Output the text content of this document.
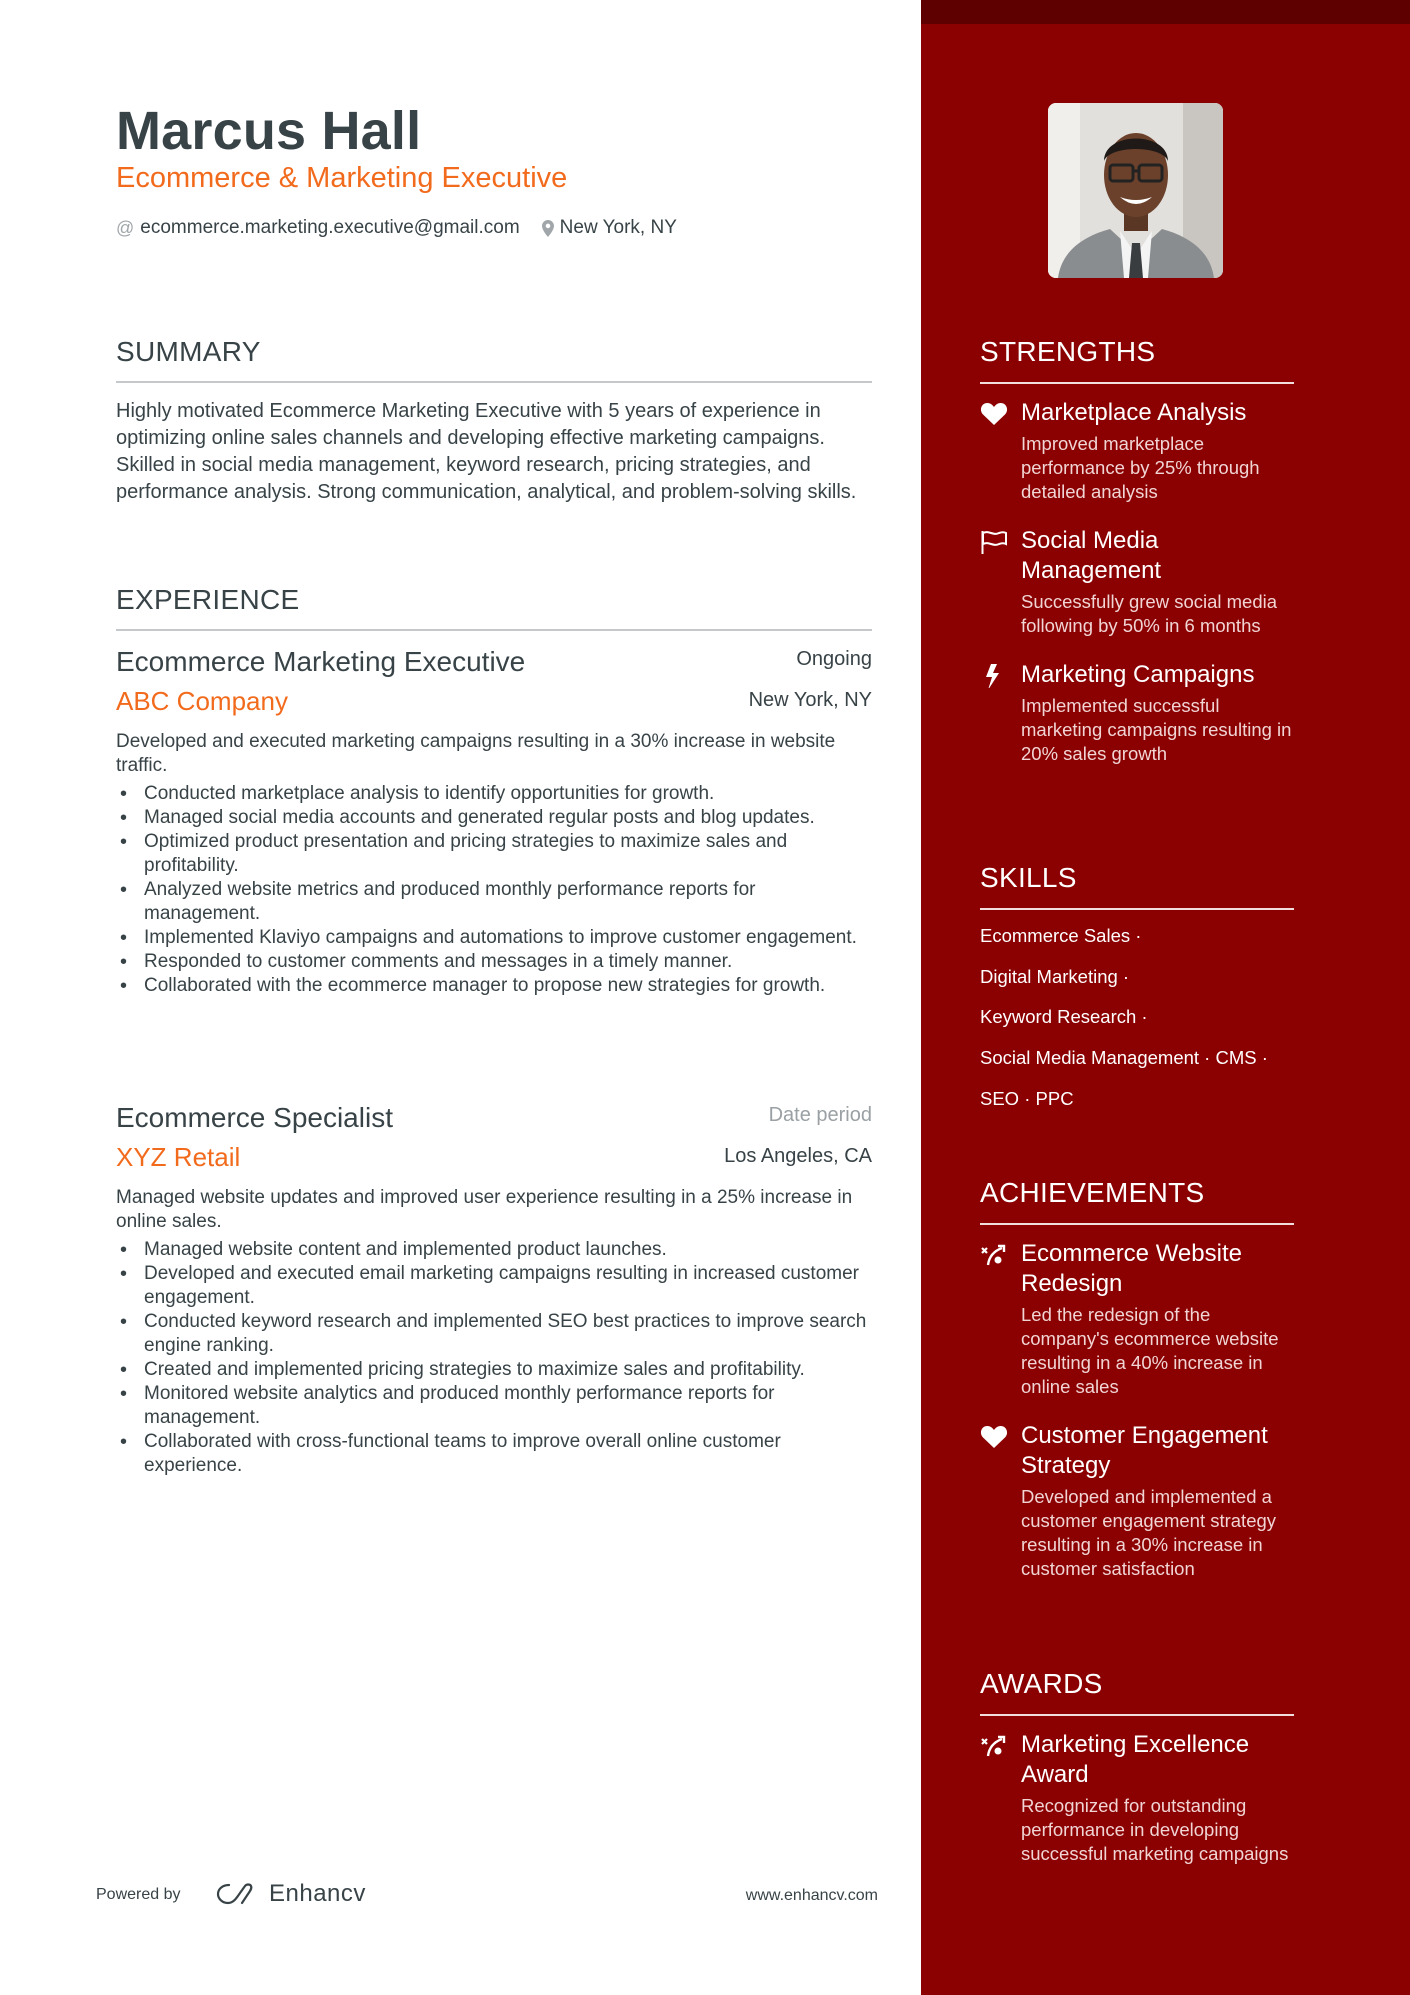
Marcus Hall
Ecommerce & Marketing Executive
@ ecommerce.marketing.executive@gmail.com New York, NY
SUMMARY
Highly motivated Ecommerce Marketing Executive with 5 years of experience in optimizing online sales channels and developing effective marketing campaigns. Skilled in social media management, keyword research, pricing strategies, and performance analysis. Strong communication, analytical, and problem-solving skills.
EXPERIENCE
Ecommerce Marketing Executive	Ongoing
ABC Company	New York, NY
Developed and executed marketing campaigns resulting in a 30% increase in website traffic.
• Conducted marketplace analysis to identify opportunities for growth.
• Managed social media accounts and generated regular posts and blog updates.
• Optimized product presentation and pricing strategies to maximize sales and profitability.
• Analyzed website metrics and produced monthly performance reports for management.
• Implemented Klaviyo campaigns and automations to improve customer engagement.
• Responded to customer comments and messages in a timely manner.
• Collaborated with the ecommerce manager to propose new strategies for growth.
Ecommerce Specialist	Date period
XYZ Retail	Los Angeles, CA
Managed website updates and improved user experience resulting in a 25% increase in online sales.
• Managed website content and implemented product launches.
• Developed and executed email marketing campaigns resulting in increased customer engagement.
• Conducted keyword research and implemented SEO best practices to improve search engine ranking.
• Created and implemented pricing strategies to maximize sales and profitability.
• Monitored website analytics and produced monthly performance reports for management.
• Collaborated with cross-functional teams to improve overall online customer experience.
Powered by	Enhancv	www.enhancv.com
STRENGTHS
Marketplace Analysis
Improved marketplace performance by 25% through detailed analysis
Social Media Management
Successfully grew social media following by 50% in 6 months
Marketing Campaigns
Implemented successful marketing campaigns resulting in 20% sales growth
SKILLS
Ecommerce Sales ·
Digital Marketing ·
Keyword Research ·
Social Media Management · CMS ·
SEO · PPC
ACHIEVEMENTS
Ecommerce Website Redesign
Led the redesign of the company's ecommerce website resulting in a 40% increase in online sales
Customer Engagement Strategy
Developed and implemented a customer engagement strategy resulting in a 30% increase in customer satisfaction
AWARDS
Marketing Excellence Award
Recognized for outstanding performance in developing successful marketing campaigns
